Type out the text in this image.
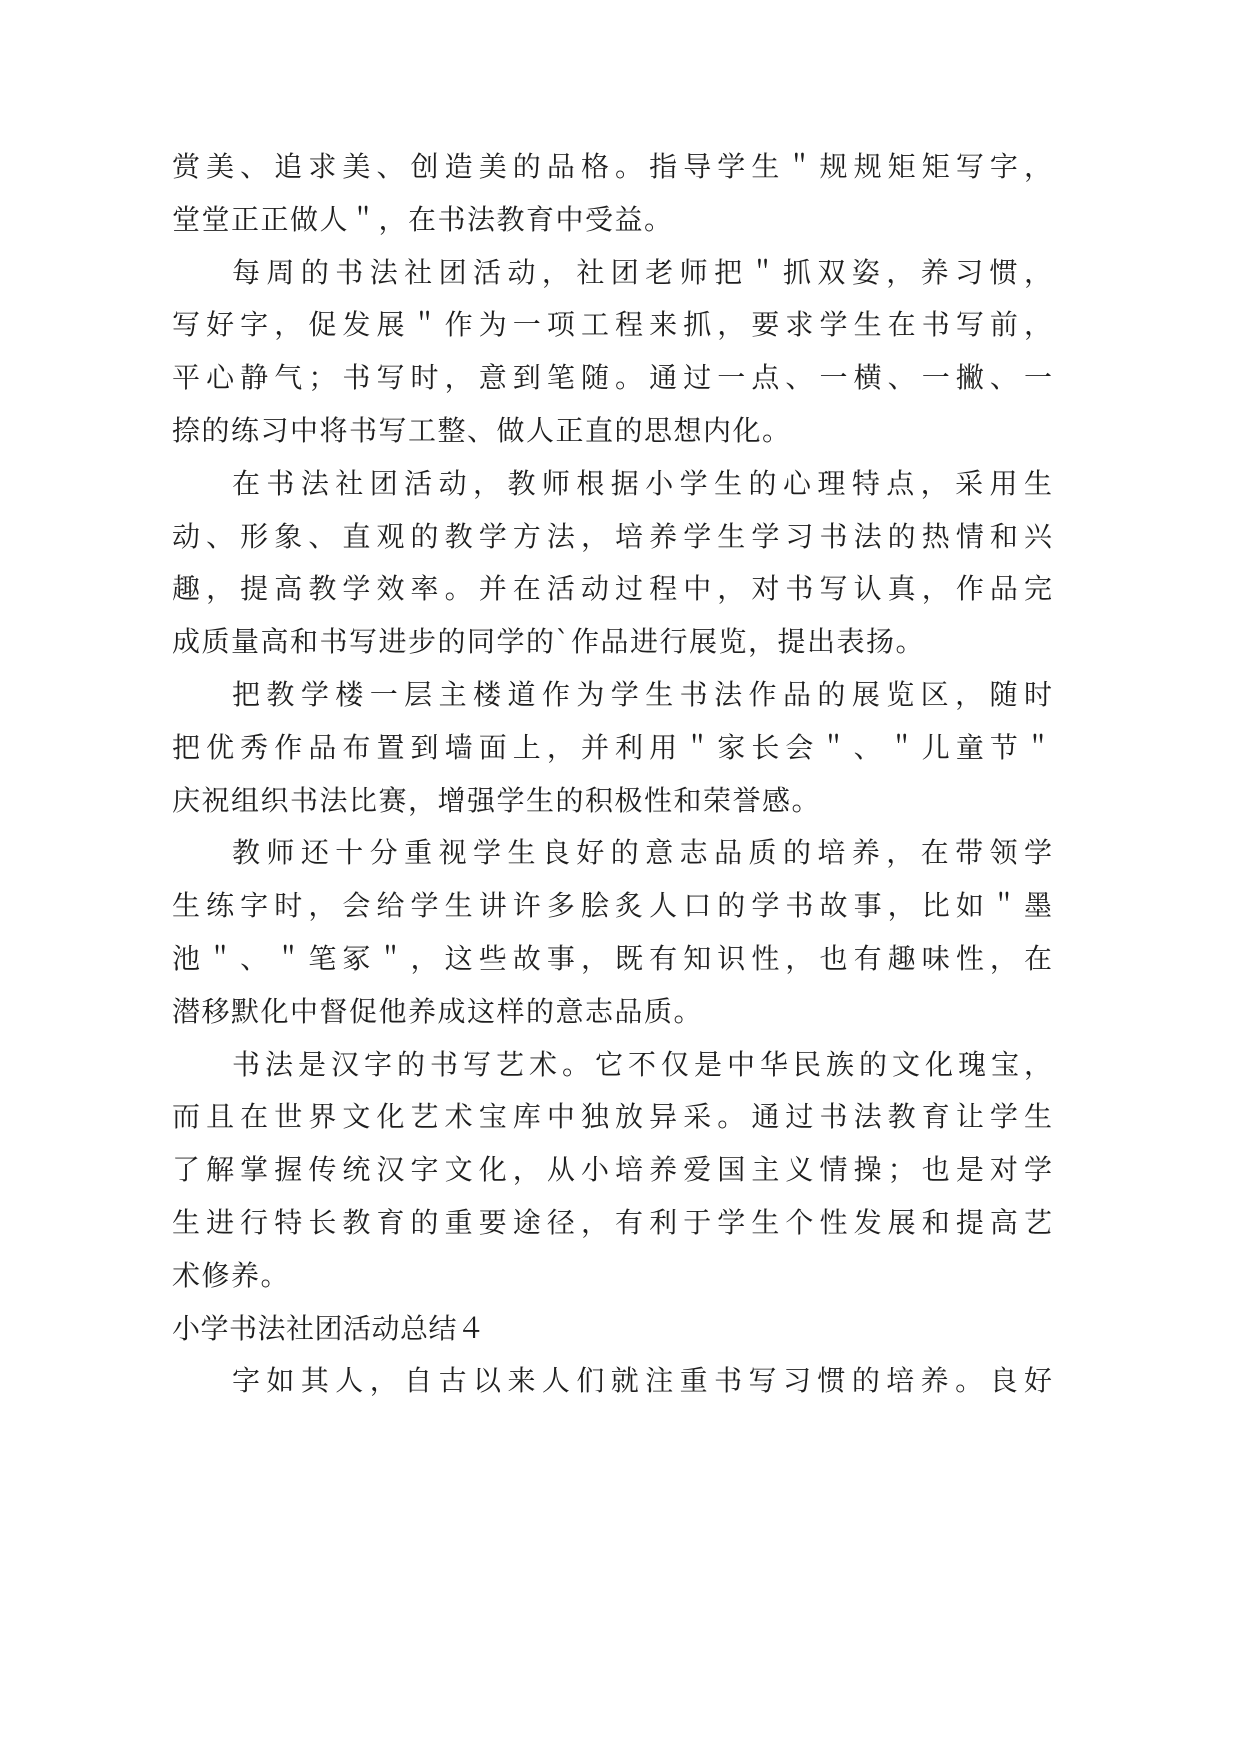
赏美、追求美、创造美的品格。指导学生＂规规矩矩写字，
堂堂正正做人＂，在书法教育中受益。
每周的书法社团活动，社团老师把＂抓双姿，养习惯，
写好字，促发展＂作为一项工程来抓，要求学生在书写前，
平心静气；书写时，意到笔随。通过一点、一横、一撇、一
捺的练习中将书写工整、做人正直的思想内化。
在书法社团活动，教师根据小学生的心理特点，采用生
动、形象、直观的教学方法，培养学生学习书法的热情和兴
趣，提高教学效率。并在活动过程中，对书写认真，作品完
成质量高和书写进步的同学的`作品进行展览，提出表扬。
把教学楼一层主楼道作为学生书法作品的展览区，随时
把优秀作品布置到墙面上，并利用＂家长会＂、＂儿童节＂
庆祝组织书法比赛，增强学生的积极性和荣誉感。
教师还十分重视学生良好的意志品质的培养，在带领学
生练字时，会给学生讲许多脍炙人口的学书故事，比如＂墨
池＂、＂笔冢＂，这些故事，既有知识性，也有趣味性，在
潜移默化中督促他养成这样的意志品质。
书法是汉字的书写艺术。它不仅是中华民族的文化瑰宝，
而且在世界文化艺术宝库中独放异采。通过书法教育让学生
了解掌握传统汉字文化，从小培养爱国主义情操；也是对学
生进行特长教育的重要途径，有利于学生个性发展和提高艺
术修养。
小学书法社团活动总结４
字如其人，自古以来人们就注重书写习惯的培养。良好
